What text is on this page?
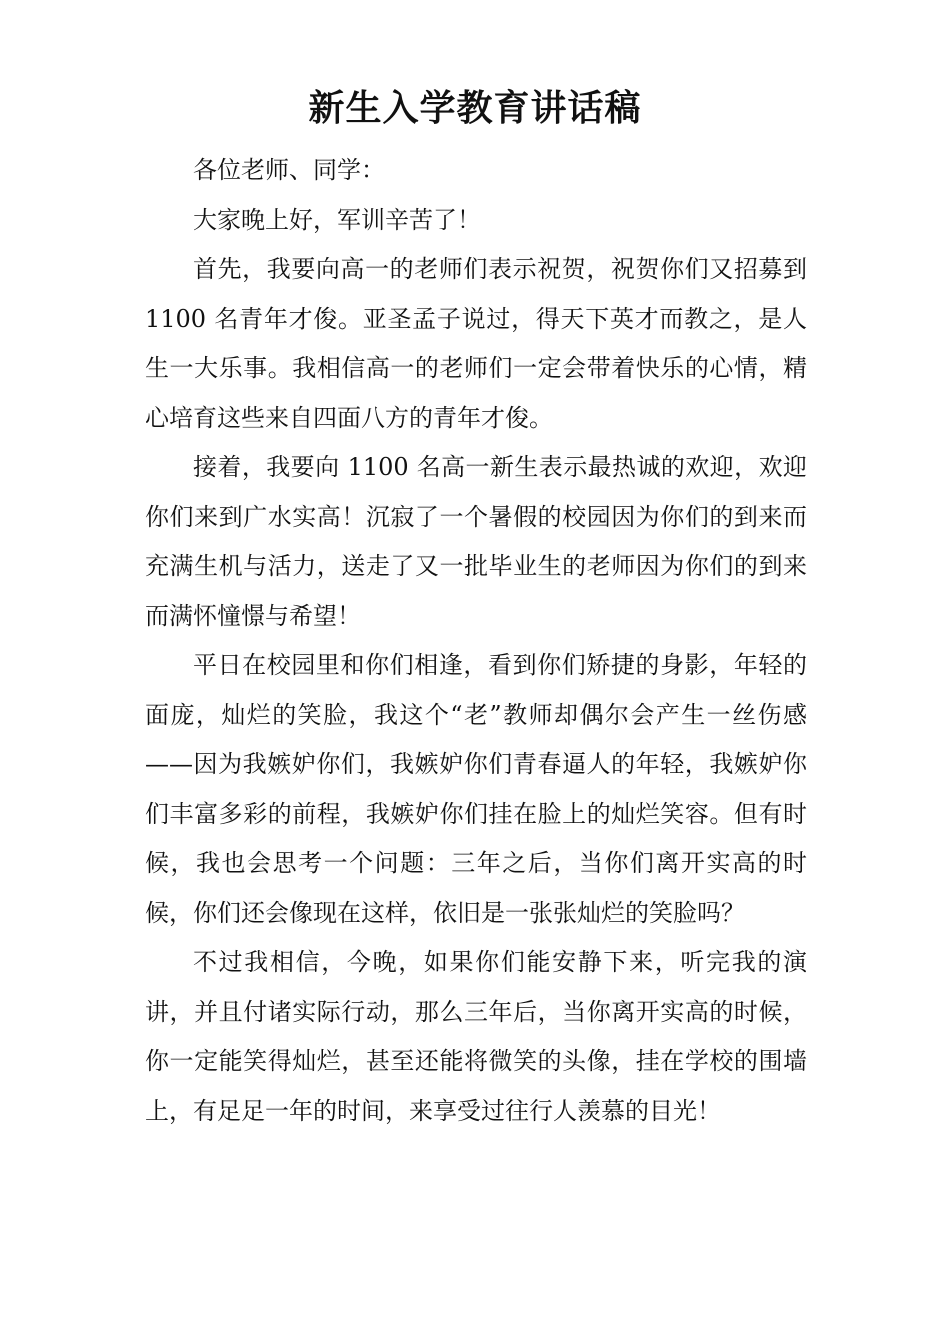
新生入学教育讲话稿

各位老师、同学：

大家晚上好，军训辛苦了！

首先，我要向高一的老师们表示祝贺，祝贺你们又招募到 1100 名青年才俊。亚圣孟子说过，得天下英才而教之，是人生一大乐事。我相信高一的老师们一定会带着快乐的心情，精心培育这些来自四面八方的青年才俊。

接着，我要向 1100 名高一新生表示最热诚的欢迎，欢迎你们来到广水实高！沉寂了一个暑假的校园因为你们的到来而充满生机与活力，送走了又一批毕业生的老师因为你们的到来而满怀憧憬与希望！

平日在校园里和你们相逢，看到你们矫捷的身影，年轻的面庞，灿烂的笑脸，我这个“老”教师却偶尔会产生一丝伤感——因为我嫉妒你们，我嫉妒你们青春逼人的年轻，我嫉妒你们丰富多彩的前程，我嫉妒你们挂在脸上的灿烂笑容。但有时候，我也会思考一个问题：三年之后，当你们离开实高的时候，你们还会像现在这样，依旧是一张张灿烂的笑脸吗？

不过我相信，今晚，如果你们能安静下来，听完我的演讲，并且付诸实际行动，那么三年后，当你离开实高的时候，你一定能笑得灿烂，甚至还能将微笑的头像，挂在学校的围墙上，有足足一年的时间，来享受过往行人羡慕的目光！
